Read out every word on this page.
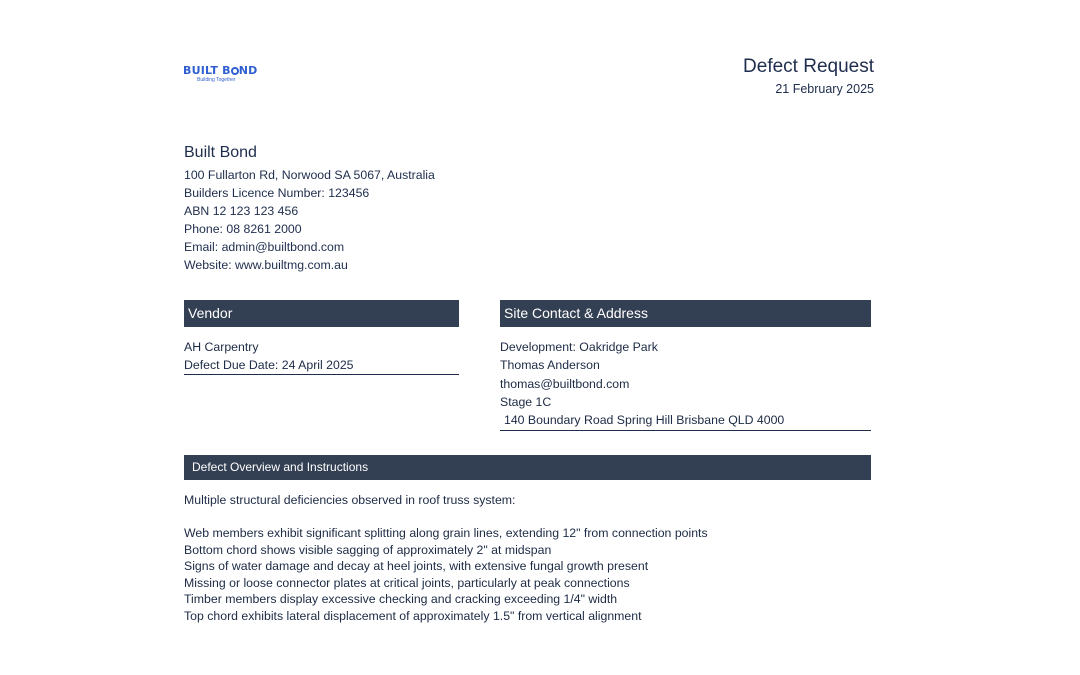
BUILT B ND
Building Together
Defect Request
21 February 2025
Built Bond
100 Fullarton Rd, Norwood SA 5067, Australia
Builders Licence Number: 123456
ABN 12 123 123 456
Phone: 08 8261 2000
Email: admin@builtbond.com
Website: www.builtmg.com.au
Vendor
AH Carpentry
Defect Due Date: 24 April 2025
Site Contact & Address
Development: Oakridge Park
Thomas Anderson
thomas@builtbond.com
Stage 1C
140 Boundary Road Spring Hill Brisbane QLD 4000
Defect Overview and Instructions
Multiple structural deficiencies observed in roof truss system:
Web members exhibit significant splitting along grain lines, extending 12" from connection points
Bottom chord shows visible sagging of approximately 2" at midspan
Signs of water damage and decay at heel joints, with extensive fungal growth present
Missing or loose connector plates at critical joints, particularly at peak connections
Timber members display excessive checking and cracking exceeding 1/4" width
Top chord exhibits lateral displacement of approximately 1.5" from vertical alignment
